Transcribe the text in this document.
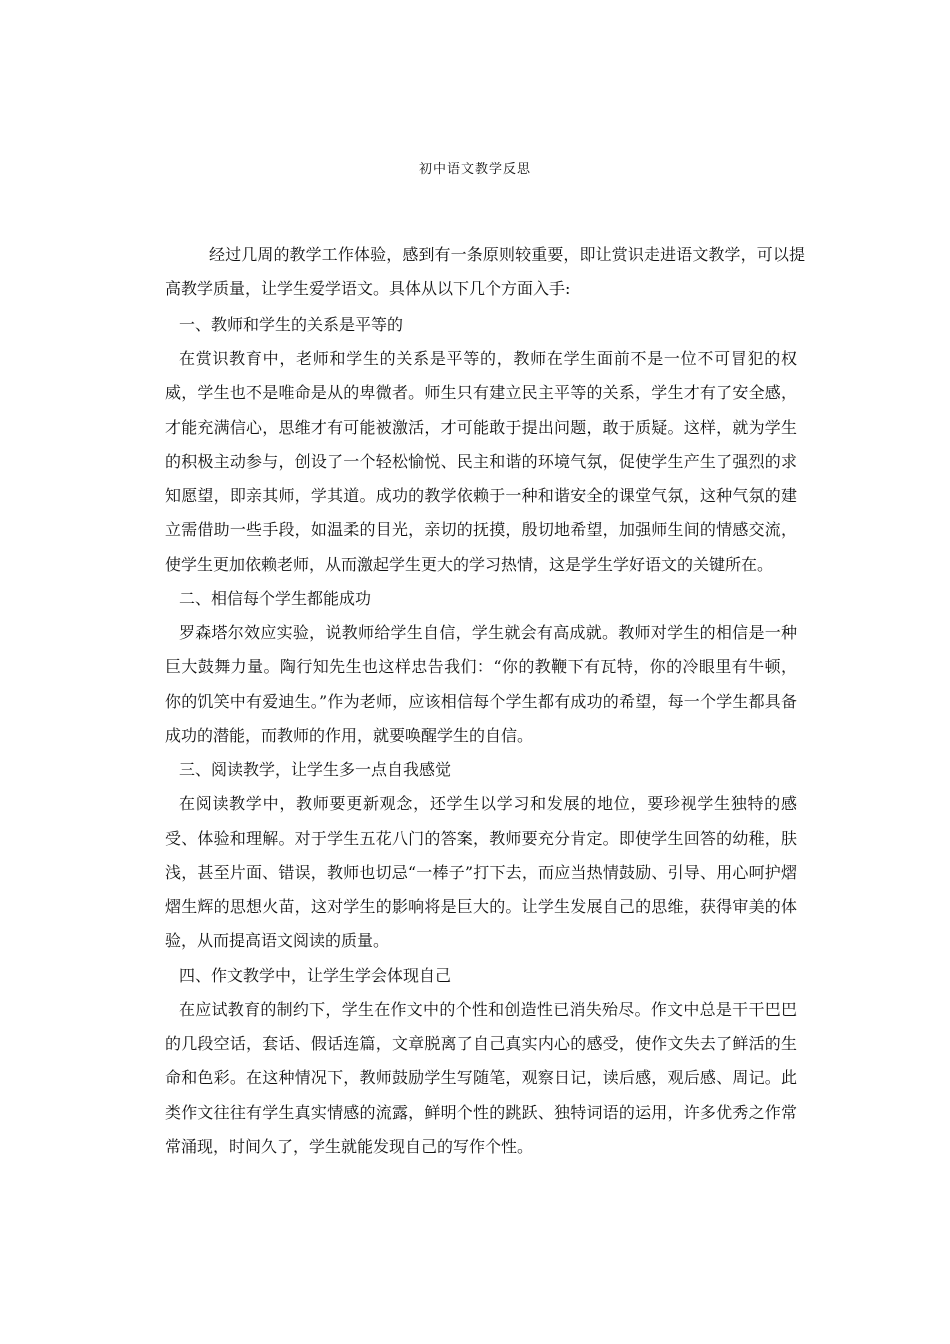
初中语文教学反思

经过几周的教学工作体验，感到有一条原则较重要，即让赏识走进语文教学，可以提高教学质量，让学生爱学语文。具体从以下几个方面入手:

一、教师和学生的关系是平等的

在赏识教育中，老师和学生的关系是平等的，教师在学生面前不是一位不可冒犯的权威，学生也不是唯命是从的卑微者。师生只有建立民主平等的关系，学生才有了安全感，才能充满信心，思维才有可能被激活，才可能敢于提出问题，敢于质疑。这样，就为学生的积极主动参与，创设了一个轻松愉悦、民主和谐的环境气氛，促使学生产生了强烈的求知愿望，即亲其师，学其道。成功的教学依赖于一种和谐安全的课堂气氛，这种气氛的建立需借助一些手段，如温柔的目光，亲切的抚摸，殷切地希望，加强师生间的情感交流，使学生更加依赖老师，从而激起学生更大的学习热情，这是学生学好语文的关键所在。

二、相信每个学生都能成功

罗森塔尔效应实验，说教师给学生自信，学生就会有高成就。教师对学生的相信是一种巨大鼓舞力量。陶行知先生也这样忠告我们：“你的教鞭下有瓦特，你的冷眼里有牛顿，你的饥笑中有爱迪生。”作为老师，应该相信每个学生都有成功的希望，每一个学生都具备成功的潜能，而教师的作用，就要唤醒学生的自信。

三、阅读教学，让学生多一点自我感觉

在阅读教学中，教师要更新观念，还学生以学习和发展的地位，要珍视学生独特的感受、体验和理解。对于学生五花八门的答案，教师要充分肯定。即使学生回答的幼稚，肤浅，甚至片面、错误，教师也切忌“一棒子”打下去，而应当热情鼓励、引导、用心呵护熠熠生辉的思想火苗，这对学生的影响将是巨大的。让学生发展自己的思维，获得审美的体验，从而提高语文阅读的质量。

四、作文教学中，让学生学会体现自己

在应试教育的制约下，学生在作文中的个性和创造性已消失殆尽。作文中总是干干巴巴的几段空话，套话、假话连篇，文章脱离了自己真实内心的感受，使作文失去了鲜活的生命和色彩。在这种情况下，教师鼓励学生写随笔，观察日记，读后感，观后感、周记。此类作文往往有学生真实情感的流露，鲜明个性的跳跃、独特词语的运用，许多优秀之作常常涌现，时间久了，学生就能发现自己的写作个性。
